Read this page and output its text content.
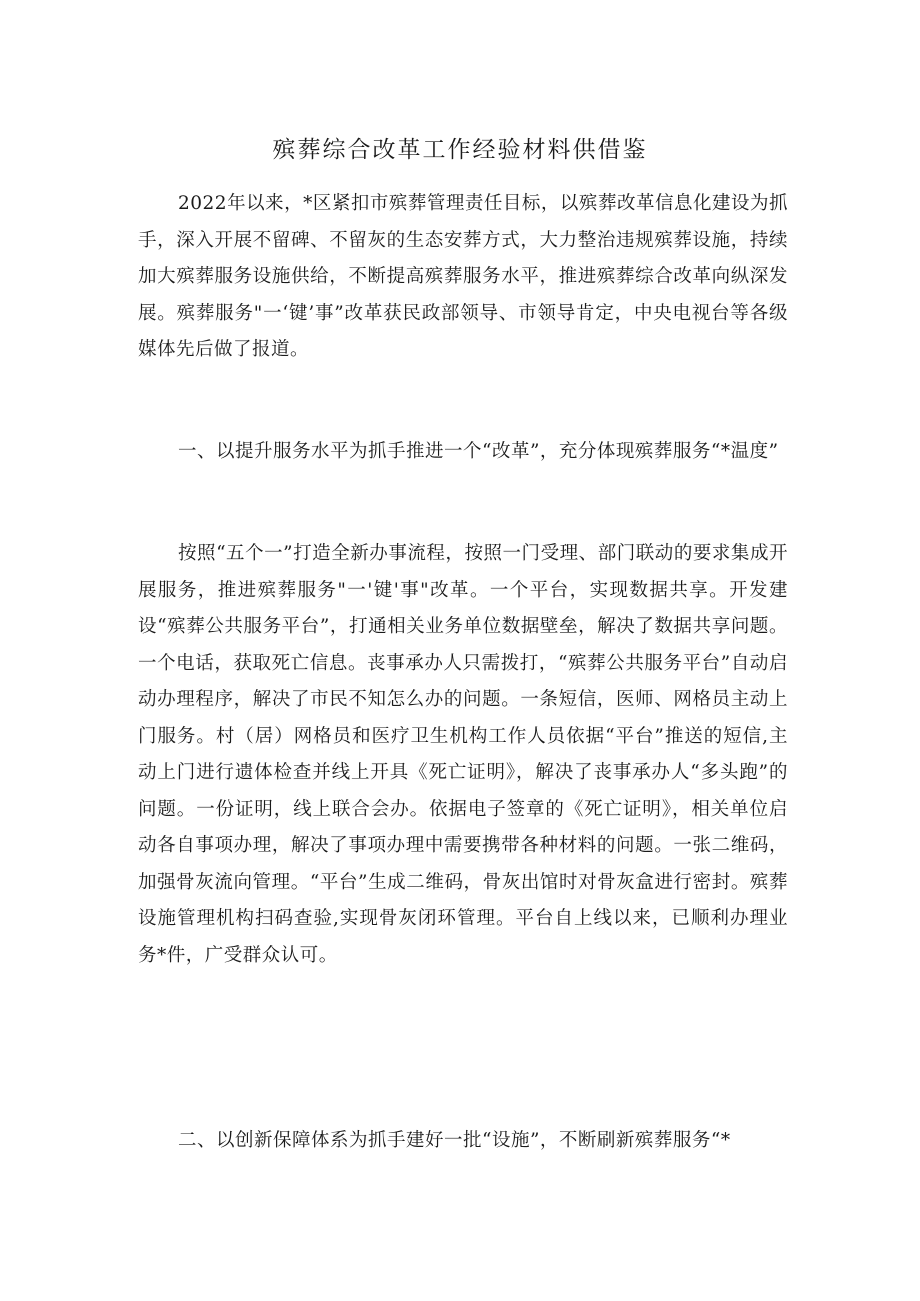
殡葬综合改革工作经验材料供借鉴
2022年以来，*区紧扣市殡葬管理责任目标，以殡葬改革信息化建设为抓手，深入开展不留碑、不留灰的生态安葬方式，大力整治违规殡葬设施，持续加大殡葬服务设施供给，不断提高殡葬服务水平，推进殡葬综合改革向纵深发展。殡葬服务"一‘键’事”改革获民政部领导、市领导肯定，中央电视台等各级媒体先后做了报道。
一、以提升服务水平为抓手推进一个“改革”，充分体现殡葬服务“*温度”
按照“五个一”打造全新办事流程，按照一门受理、部门联动的要求集成开展服务，推进殡葬服务"一'键'事"改革。一个平台，实现数据共享。开发建设“殡葬公共服务平台”，打通相关业务单位数据壁垒，解决了数据共享问题。一个电话，获取死亡信息。丧事承办人只需拨打，“殡葬公共服务平台”自动启动办理程序，解决了市民不知怎么办的问题。一条短信，医师、网格员主动上门服务。村（居）网格员和医疗卫生机构工作人员依据“平台”推送的短信,主动上门进行遗体检查并线上开具《死亡证明》，解决了丧事承办人“多头跑”的问题。一份证明，线上联合会办。依据电子签章的《死亡证明》，相关单位启动各自事项办理，解决了事项办理中需要携带各种材料的问题。一张二维码，加强骨灰流向管理。“平台”生成二维码，骨灰出馆时对骨灰盒进行密封。殡葬设施管理机构扫码查验,实现骨灰闭环管理。平台自上线以来，已顺利办理业务*件，广受群众认可。
二、以创新保障体系为抓手建好一批“设施”，不断刷新殡葬服务“*
